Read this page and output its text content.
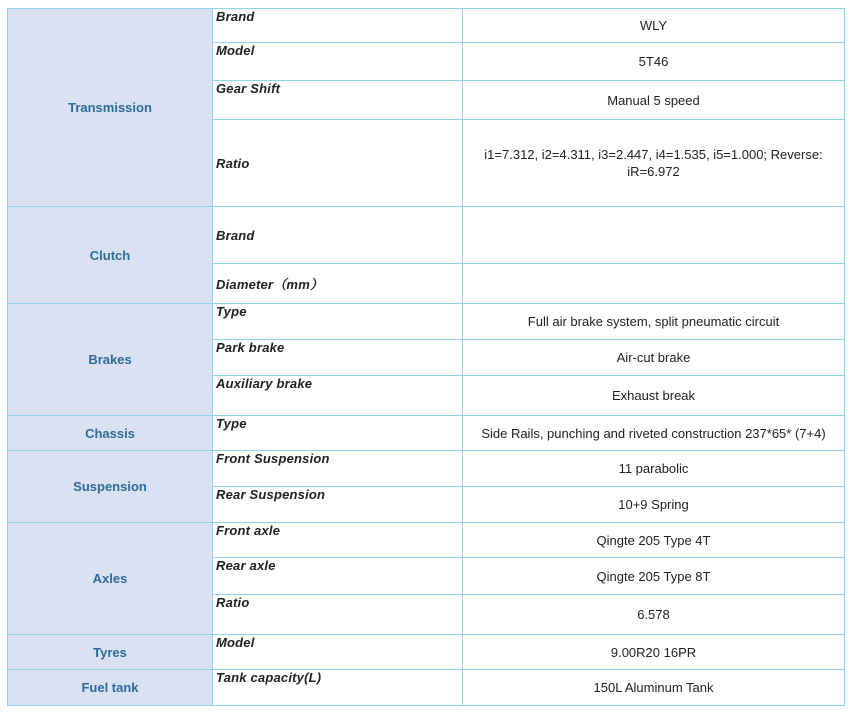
Transmission	Brand	WLY
	Model	5T46
	Gear Shift	Manual 5 speed
	Ratio	i1=7.312, i2=4.311, i3=2.447, i4=1.535, i5=1.000; Reverse: iR=6.972
Clutch	Brand	
	Diameter（mm）	
Brakes	Type	Full air brake system, split pneumatic circuit
	Park brake	Air-cut brake
	Auxiliary brake	Exhaust break
Chassis	Type	Side Rails, punching and riveted construction 237*65* (7+4)
Suspension	Front Suspension	11 parabolic
	Rear Suspension	10+9 Spring
Axles	Front axle	Qingte 205 Type 4T
	Rear axle	Qingte 205 Type 8T
	Ratio	6.578
Tyres	Model	9.00R20 16PR
Fuel tank	Tank capacity(L)	150L Aluminum Tank
